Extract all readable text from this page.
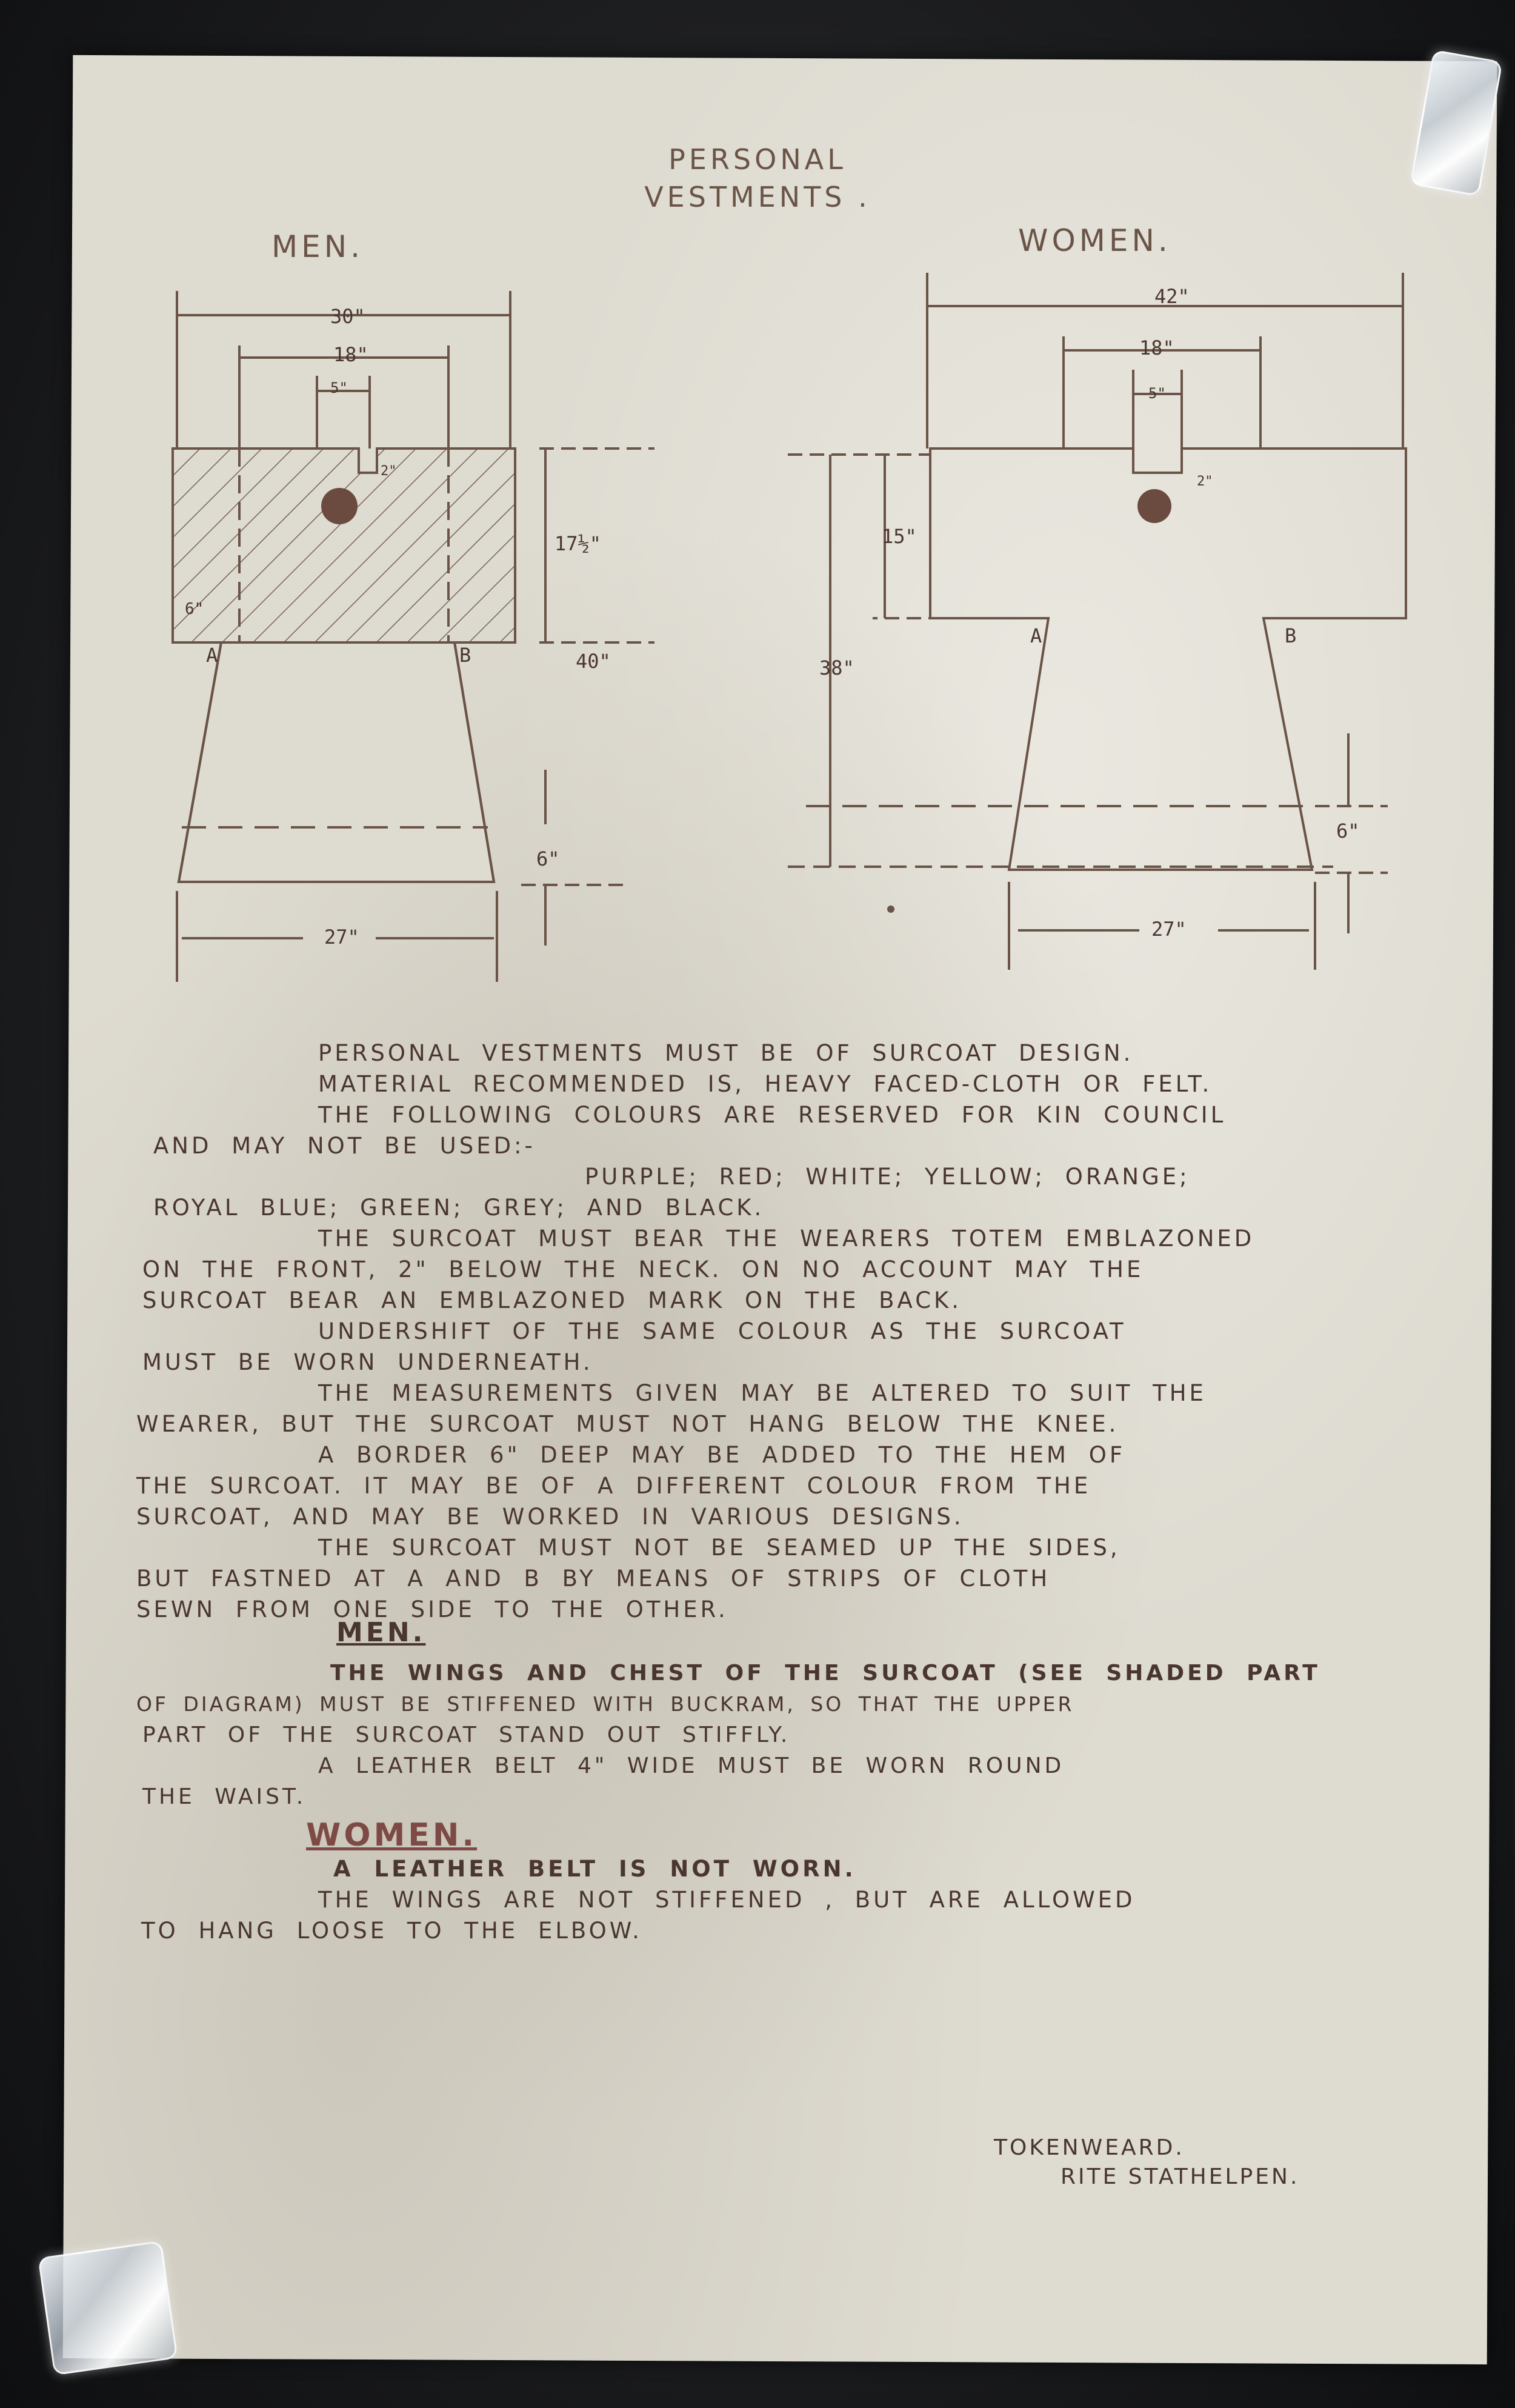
PERSONAL
VESTMENTS .
MEN.	WOMEN.
30"
18"
5"
2"
17½"
40"
6"
6"
27"
A	B
42"
18"
5"
2"
15"
38"
6"
27"
A	B
PERSONAL VESTMENTS MUST BE OF SURCOAT DESIGN.
MATERIAL RECOMMENDED IS, HEAVY FACED-CLOTH OR FELT.
THE FOLLOWING COLOURS ARE RESERVED FOR KIN COUNCIL
AND MAY NOT BE USED:-
PURPLE; RED; WHITE; YELLOW; ORANGE;
ROYAL BLUE; GREEN; GREY; AND BLACK.
THE SURCOAT MUST BEAR THE WEARERS TOTEM EMBLAZONED
ON THE FRONT, 2" BELOW THE NECK. ON NO ACCOUNT MAY THE
SURCOAT BEAR AN EMBLAZONED MARK ON THE BACK.
UNDERSHIFT OF THE SAME COLOUR AS THE SURCOAT
MUST BE WORN UNDERNEATH.
THE MEASUREMENTS GIVEN MAY BE ALTERED TO SUIT THE
WEARER, BUT THE SURCOAT MUST NOT HANG BELOW THE KNEE.
A BORDER 6" DEEP MAY BE ADDED TO THE HEM OF
THE SURCOAT. IT MAY BE OF A DIFFERENT COLOUR FROM THE
SURCOAT, AND MAY BE WORKED IN VARIOUS DESIGNS.
THE SURCOAT MUST NOT BE SEAMED UP THE SIDES,
BUT FASTNED AT A AND B BY MEANS OF STRIPS OF CLOTH
SEWN FROM ONE SIDE TO THE OTHER.
MEN.
THE WINGS AND CHEST OF THE SURCOAT (SEE SHADED PART
OF DIAGRAM) MUST BE STIFFENED WITH BUCKRAM, SO THAT THE UPPER
PART OF THE SURCOAT STAND OUT STIFFLY.
A LEATHER BELT 4" WIDE MUST BE WORN ROUND
THE WAIST.
WOMEN.
A LEATHER BELT IS NOT WORN.
THE WINGS ARE NOT STIFFENED , BUT ARE ALLOWED
TO HANG LOOSE TO THE ELBOW.
TOKENWEARD.
RITE STATHELPEN.
